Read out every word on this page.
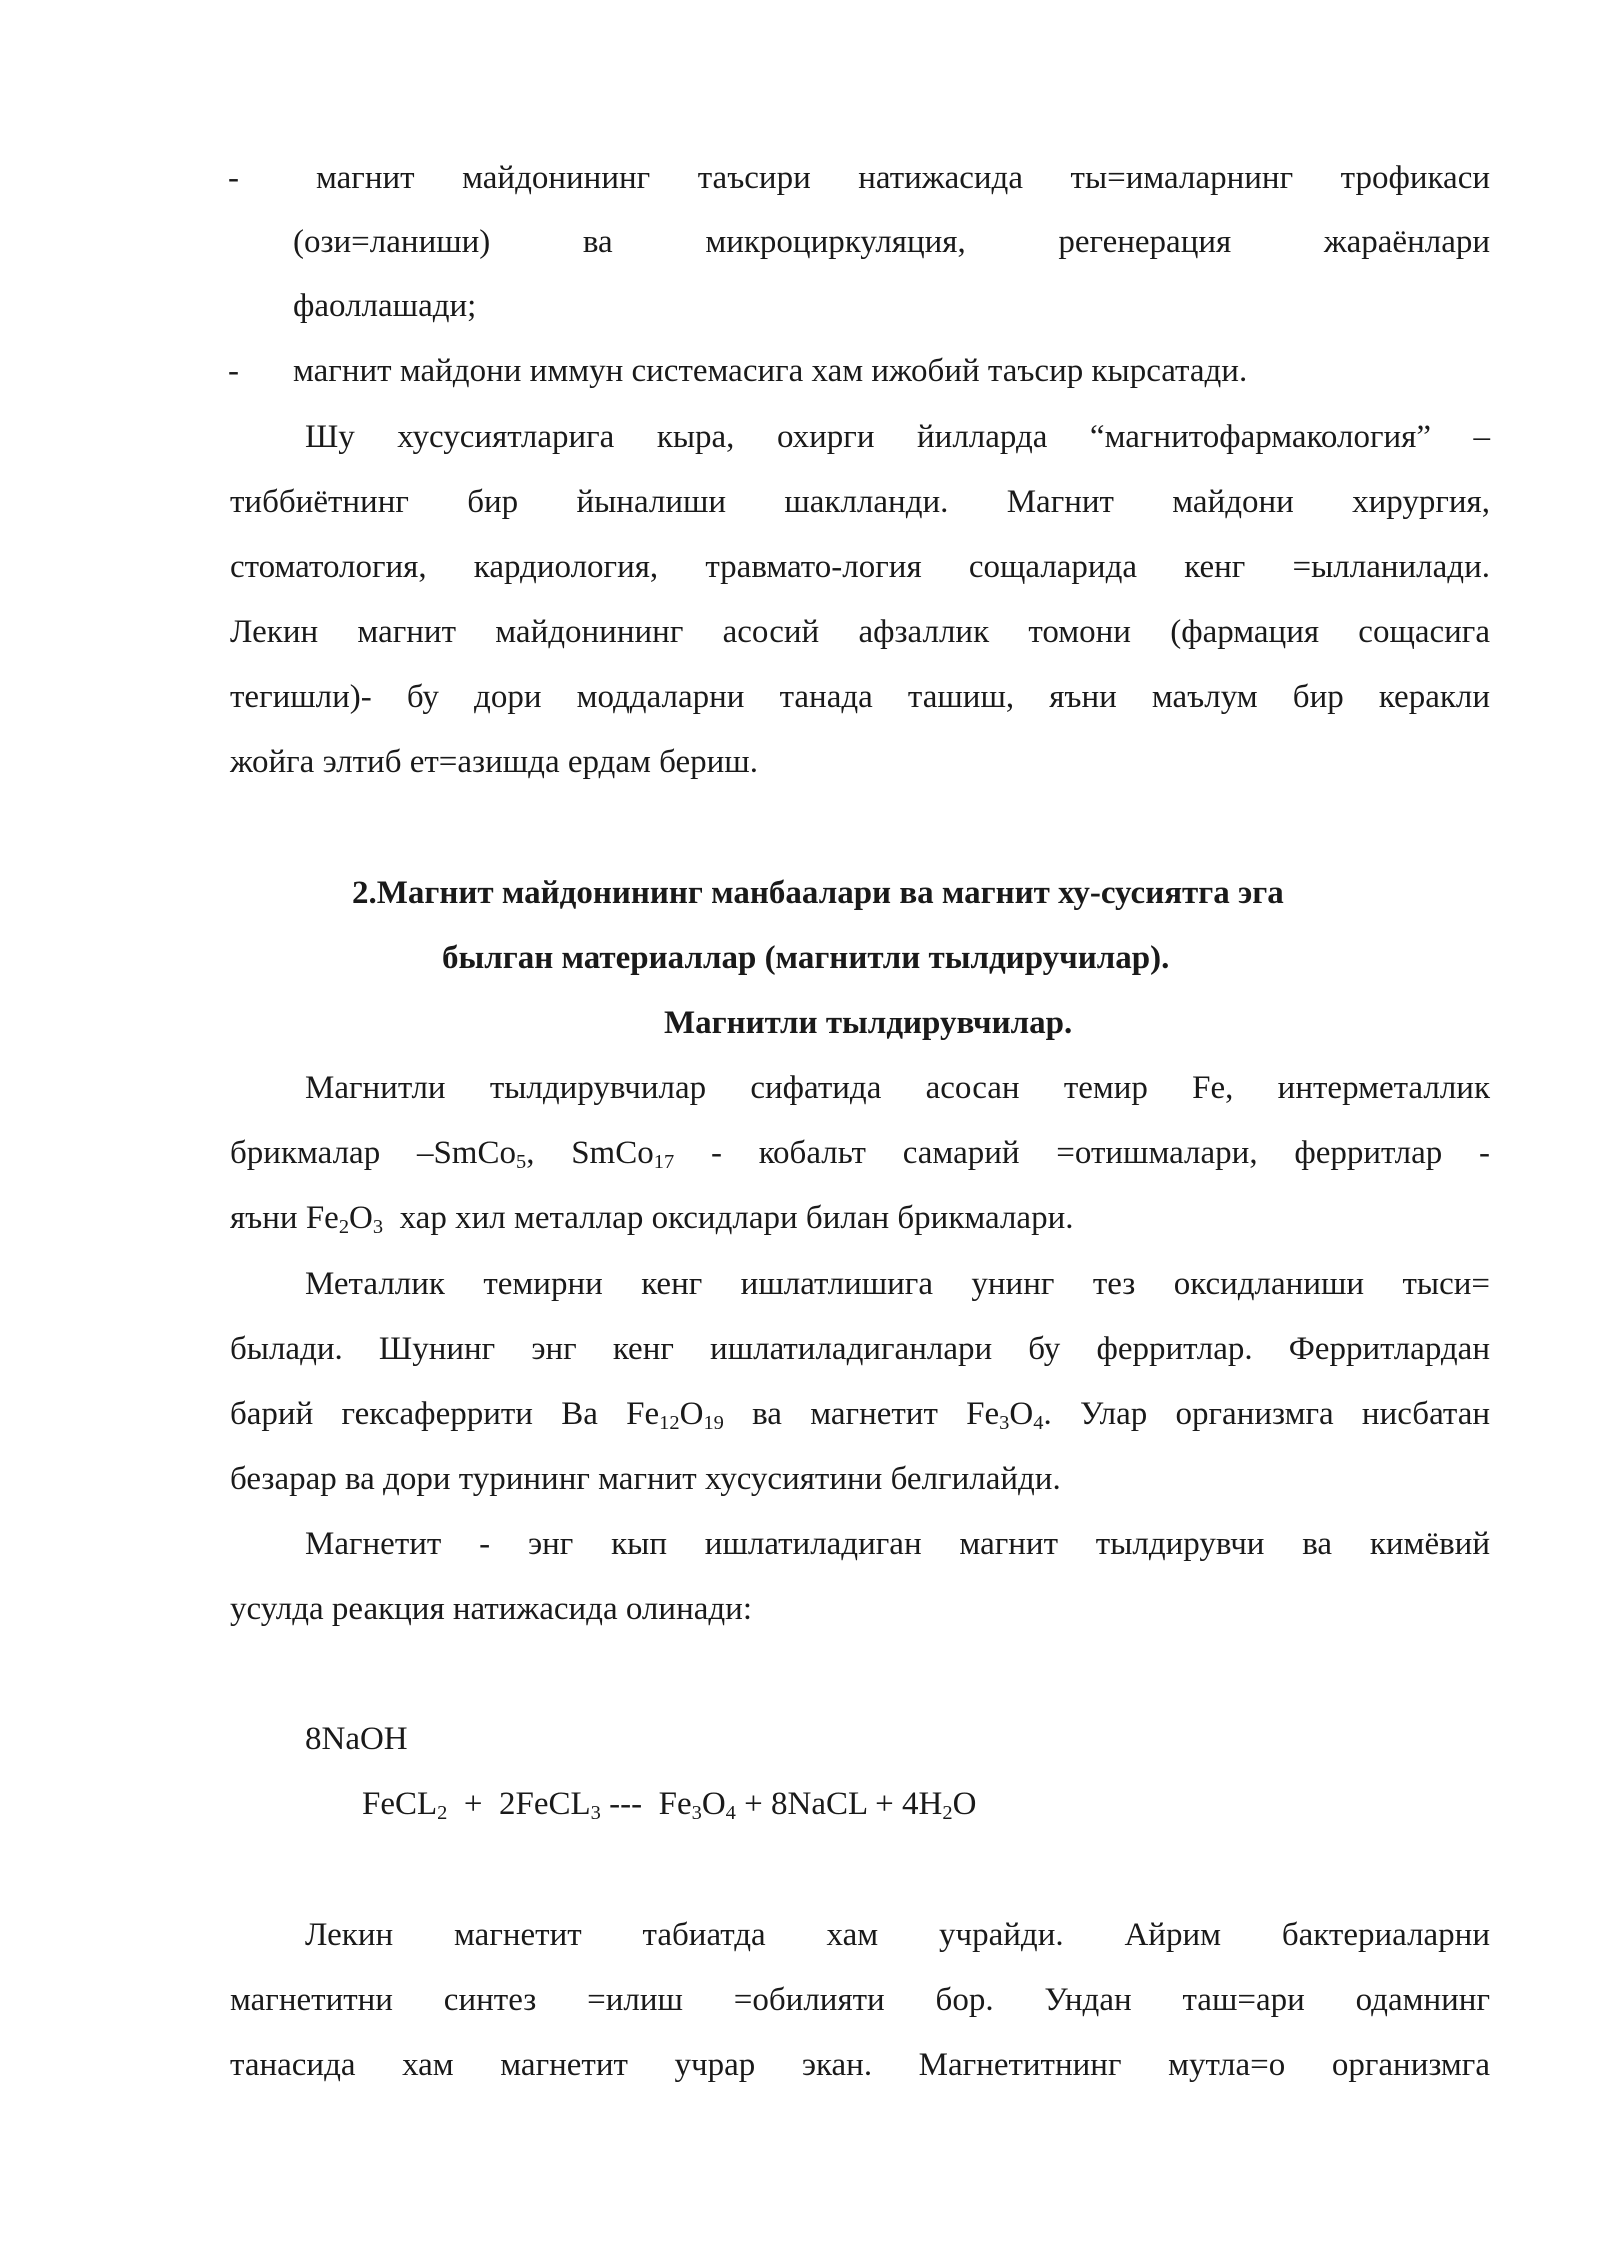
- магнит майдонининг таъсири натижасида ты=ималарнинг трофикаси
(ози=ланиши) ва микроциркуляция, регенерация жараёнлари
фаоллашади;
- магнит майдони иммун системасига хам ижобий таъсир кырсатади.
Шу хусусиятларига кыра, охирги йилларда “магнитофармакология” –
тиббиётнинг бир йыналиши шаклланди. Магнит майдони хирургия,
стоматология, кардиология, травмато-логия сощаларида кенг =ылланилади.
Лекин магнит майдонининг асосий афзаллик томони (фармация сощасига
тегишли)- бу дори моддаларни танада ташиш, яъни маълум бир керакли
жойга элтиб ет=азишда ердам бериш.
2.Магнит майдонининг манбаалари ва магнит ху-сусиятга эга
былган материаллар (магнитли тылдиручилар).
Магнитли тылдирувчилар.
Магнитли тылдирувчилар сифатида асосан темир Fe, интерметаллик
брикмалар –SmCo$_5$, SmCo$_{17}$ - кобальт самарий =отишмалари, ферритлар -
яъни $Fe_2O_3$  хар хил металлар оксидлари билан брикмалари.
Металлик темирни кенг ишлатлишига унинг тез оксидланиши тыси=
былади. Шунинг энг кенг ишлатиладиганлари бу ферритлар. Ферритлардан
барий гексаферрити Ва $Fe_{12}O_{19}$ ва магнетит $Fe_3O_4$. Улар организмга нисбатан
безарар ва дори турининг магнит хусусиятини белгилайди.
Магнетит - энг кып ишлатиладиган магнит тылдирувчи ва кимёвий
усулда реакция натижасида олинади:
8NaOH
FeCL$_2$  +  2FeCL$_3$ ---  $Fe_3O_4$ + 8NaCL + $4H_2O$
Лекин магнетит табиатда хам учрайди. Айрим бактериаларни
магнетитни синтез =илиш =обилияти бор. Ундан таш=ари одамнинг
танасида хам магнетит учрар экан. Магнетитнинг мутла=о организмга
